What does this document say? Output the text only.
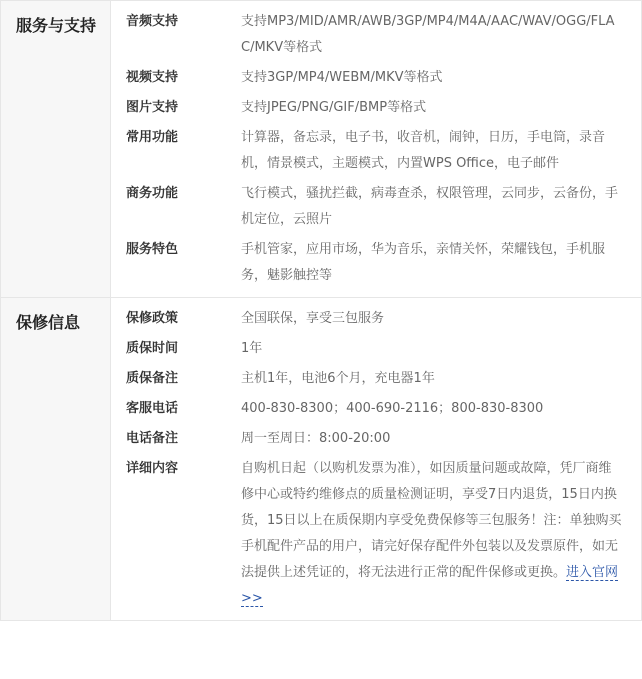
服务与支持	音频支持	支持MP3/MID/AMR/AWB/3GP/MP4/M4A/AAC/WAV/OGG/FLAC/MKV等格式
视频支持	支持3GP/MP4/WEBM/MKV等格式
图片支持	支持JPEG/PNG/GIF/BMP等格式
常用功能	计算器，备忘录，电子书，收音机，闹钟，日历，手电筒，录音机，情景模式，主题模式，内置WPS Office，电子邮件
商务功能	飞行模式，骚扰拦截，病毒查杀，权限管理，云同步，云备份，手机定位，云照片
服务特色	手机管家，应用市场，华为音乐，亲情关怀，荣耀钱包，手机服务，魅影触控等
保修信息	保修政策	全国联保，享受三包服务
质保时间	1年
质保备注	主机1年，电池6个月，充电器1年
客服电话	400-830-8300；400-690-2116；800-830-8300
电话备注	周一至周日：8:00-20:00
详细内容	自购机日起（以购机发票为准），如因质量问题或故障，凭厂商维修中心或特约维修点的质量检测证明，享受7日内退货，15日内换货，15日以上在质保期内享受免费保修等三包服务！注：单独购买手机配件产品的用户，请完好保存配件外包装以及发票原件，如无法提供上述凭证的，将无法进行正常的配件保修或更换。进入官网>>
